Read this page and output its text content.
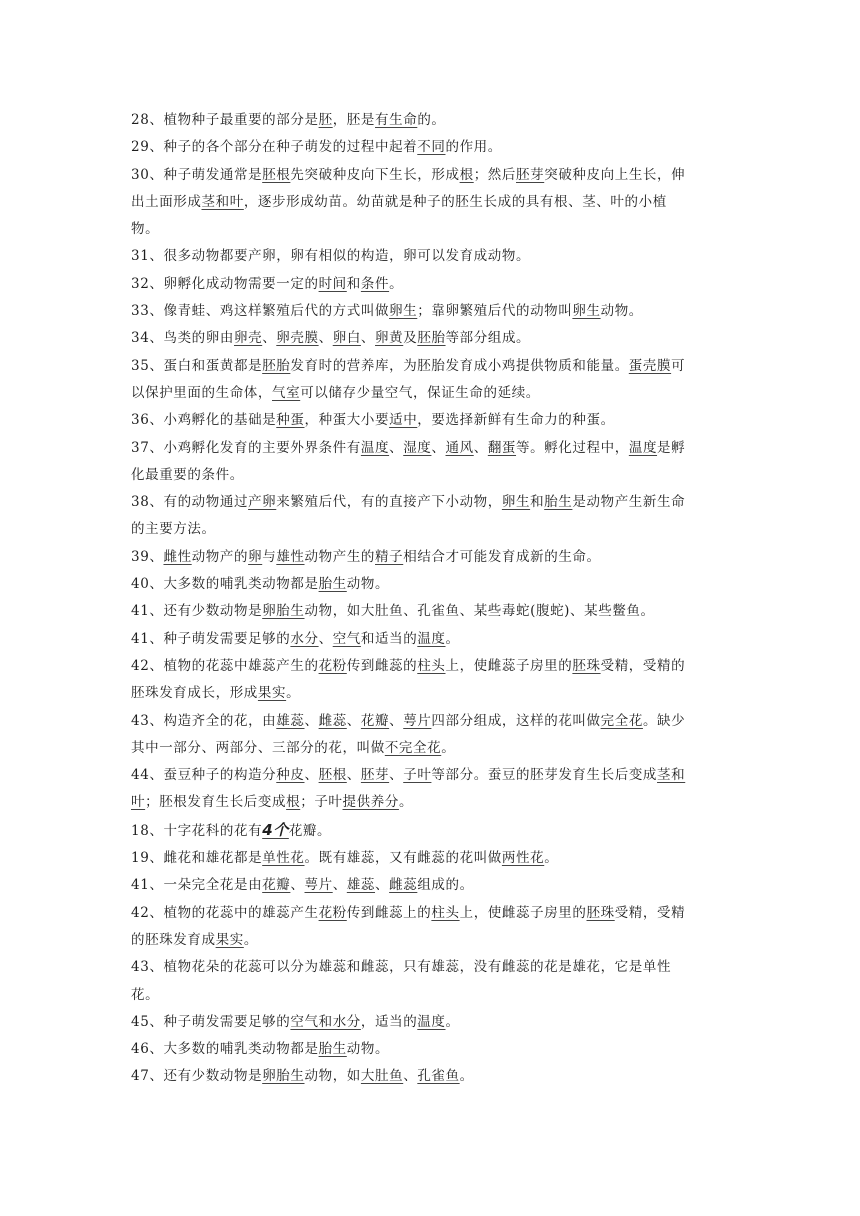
28、植物种子最重要的部分是胚，胚是有生命的。
29、种子的各个部分在种子萌发的过程中起着不同的作用。
30、种子萌发通常是胚根先突破种皮向下生长，形成根；然后胚芽突破种皮向上生长，伸
出土面形成茎和叶，逐步形成幼苗。幼苗就是种子的胚生长成的具有根、茎、叶的小植
物。
31、很多动物都要产卵，卵有相似的构造，卵可以发育成动物。
32、卵孵化成动物需要一定的时间和条件。
33、像青蛙、鸡这样繁殖后代的方式叫做卵生；靠卵繁殖后代的动物叫卵生动物。
34、鸟类的卵由卵壳、卵壳膜、卵白、卵黄及胚胎等部分组成。
35、蛋白和蛋黄都是胚胎发育时的营养库，为胚胎发育成小鸡提供物质和能量。蛋壳膜可
以保护里面的生命体，气室可以储存少量空气，保证生命的延续。
36、小鸡孵化的基础是种蛋，种蛋大小要适中，要选择新鲜有生命力的种蛋。
37、小鸡孵化发育的主要外界条件有温度、湿度、通风、翻蛋等。孵化过程中，温度是孵
化最重要的条件。
38、有的动物通过产卵来繁殖后代，有的直接产下小动物，卵生和胎生是动物产生新生命
的主要方法。
39、雌性动物产的卵与雄性动物产生的精子相结合才可能发育成新的生命。
40、大多数的哺乳类动物都是胎生动物。
41、还有少数动物是卵胎生动物，如大肚鱼、孔雀鱼、某些毒蛇(腹蛇)、某些鳖鱼。
41、种子萌发需要足够的水分、空气和适当的温度。
42、植物的花蕊中雄蕊产生的花粉传到雌蕊的柱头上，使雌蕊子房里的胚珠受精，受精的
胚珠发育成长，形成果实。
43、构造齐全的花，由雄蕊、雌蕊、花瓣、萼片四部分组成，这样的花叫做完全花。缺少
其中一部分、两部分、三部分的花，叫做不完全花。
44、蚕豆种子的构造分种皮、胚根、胚芽、子叶等部分。蚕豆的胚芽发育生长后变成茎和
叶；胚根发育生长后变成根；子叶提供养分。
18、十字花科的花有4个花瓣。
19、雌花和雄花都是单性花。既有雄蕊，又有雌蕊的花叫做两性花。
41、一朵完全花是由花瓣、萼片、雄蕊、雌蕊组成的。
42、植物的花蕊中的雄蕊产生花粉传到雌蕊上的柱头上，使雌蕊子房里的胚珠受精，受精
的胚珠发育成果实。
43、植物花朵的花蕊可以分为雄蕊和雌蕊，只有雄蕊，没有雌蕊的花是雄花，它是单性
花。
45、种子萌发需要足够的空气和水分，适当的温度。
46、大多数的哺乳类动物都是胎生动物。
47、还有少数动物是卵胎生动物，如大肚鱼、孔雀鱼。
